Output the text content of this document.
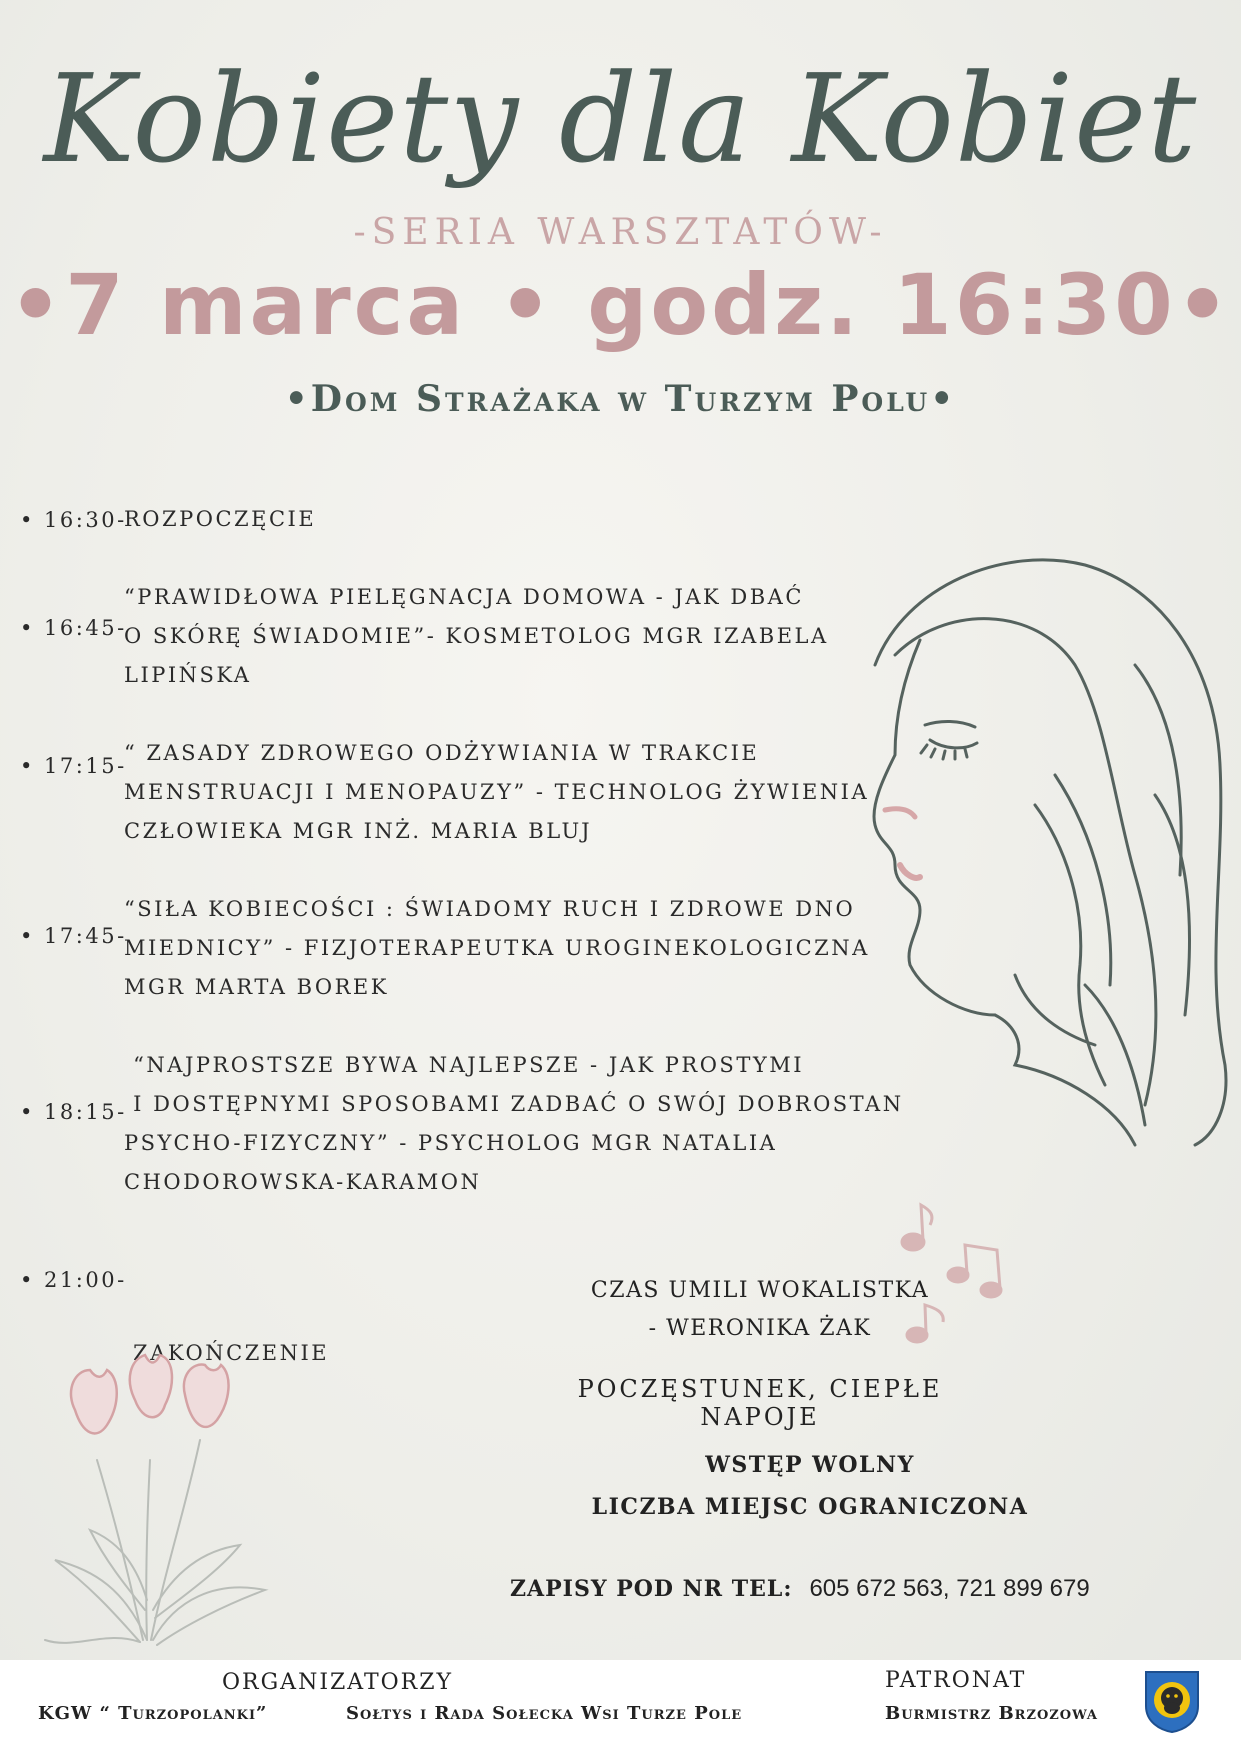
Kobiety dla Kobiet
-SERIA WARSZTATÓW-
•7 marca • godz. 16:30•
•Dom Strażaka w Turzym Polu•
• 16:30-
ROZPOCZĘCIE
• 16:45-
“PRAWIDŁOWA PIELĘGNACJA DOMOWA - JAK DBAĆ
O SKÓRĘ ŚWIADOMIE”- KOSMETOLOG MGR IZABELA
LIPIŃSKA
• 17:15-
“ ZASADY ZDROWEGO ODŻYWIANIA W TRAKCIE
MENSTRUACJI I MENOPAUZY” - TECHNOLOG ŻYWIENIA
CZŁOWIEKA MGR INŻ. MARIA BLUJ
• 17:45-
“SIŁA KOBIECOŚCI : ŚWIADOMY RUCH I ZDROWE DNO
MIEDNICY” - FIZJOTERAPEUTKA UROGINEKOLOGICZNA
MGR MARTA BOREK
• 18:15-
“NAJPROSTSZE BYWA NAJLEPSZE - JAK PROSTYMI
I DOSTĘPNYMI SPOSOBAMI ZADBAĆ O SWÓJ DOBROSTAN
PSYCHO-FIZYCZNY” - PSYCHOLOG MGR NATALIA
CHODOROWSKA-KARAMON
• 21:00-

ZAKOŃCZENIE

CZAS UMILI WOKALISTKA
- WERONIKA ŻAK
POCZĘSTUNEK, CIEPŁE NAPOJE
WSTĘP WOLNY
LICZBA MIEJSC OGRANICZONA
ZAPISY POD NR TEL: 605 672 563, 721 899 679
ORGANIZATORZY
KGW “ Turzopolanki”	Sołtys i Rada Sołecka Wsi Turze Pole
PATRONAT
Burmistrz Brzozowa
